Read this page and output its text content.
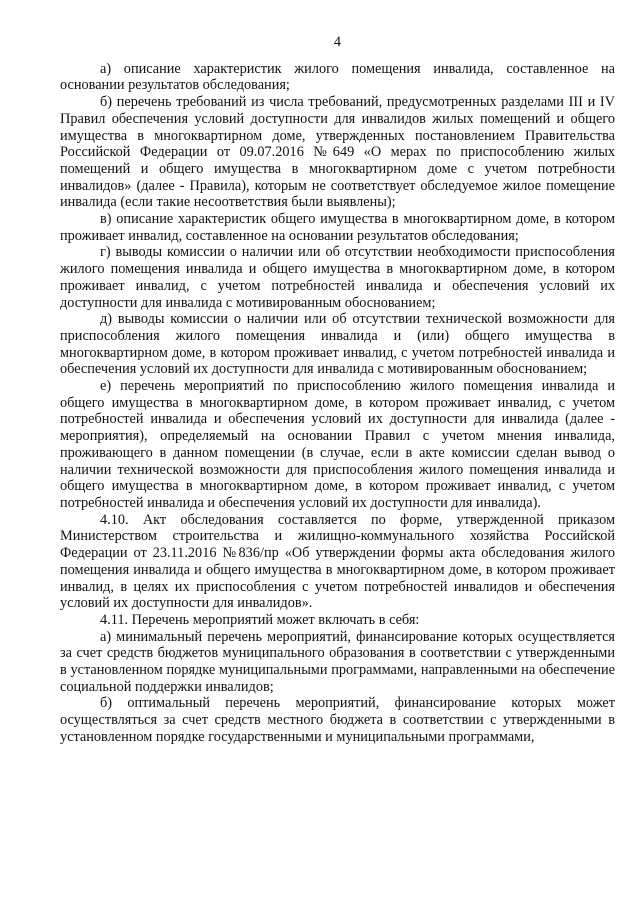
4

а) описание характеристик жилого помещения инвалида, составленное на основании результатов обследования;

б) перечень требований из числа требований, предусмотренных разделами III и IV Правил обеспечения условий доступности для инвалидов жилых помещений и общего имущества в многоквартирном доме, утвержденных постановлением Правительства Российской Федерации от 09.07.2016 №649 «О мерах по приспособлению жилых помещений и общего имущества в многоквартирном доме с учетом потребности инвалидов» (далее - Правила), которым не соответствует обследуемое жилое помещение инвалида (если такие несоответствия были выявлены);

в) описание характеристик общего имущества в многоквартирном доме, в котором проживает инвалид, составленное на основании результатов обследования;

г) выводы комиссии о наличии или об отсутствии необходимости приспособления жилого помещения инвалида и общего имущества в многоквартирном доме, в котором проживает инвалид, с учетом потребностей инвалида и обеспечения условий их доступности для инвалида с мотивированным обоснованием;

д) выводы комиссии о наличии или об отсутствии технической возможности для приспособления жилого помещения инвалида и (или) общего имущества в многоквартирном доме, в котором проживает инвалид, с учетом потребностей инвалида и обеспечения условий их доступности для инвалида с мотивированным обоснованием;

е) перечень мероприятий по приспособлению жилого помещения инвалида и общего имущества в многоквартирном доме, в котором проживает инвалид, с учетом потребностей инвалида и обеспечения условий их доступности для инвалида (далее - мероприятия), определяемый на основании Правил с учетом мнения инвалида, проживающего в данном помещении (в случае, если в акте комиссии сделан вывод о наличии технической возможности для приспособления жилого помещения инвалида и общего имущества в многоквартирном доме, в котором проживает инвалид, с учетом потребностей инвалида и обеспечения условий их доступности для инвалида).

4.10. Акт обследования составляется по форме, утвержденной приказом Министерством строительства и жилищно-коммунального хозяйства Российской Федерации от 23.11.2016 №836/пр «Об утверждении формы акта обследования жилого помещения инвалида и общего имущества в многоквартирном доме, в котором проживает инвалид, в целях их приспособления с учетом потребностей инвалидов и обеспечения условий их доступности для инвалидов».

4.11. Перечень мероприятий может включать в себя:

а) минимальный перечень мероприятий, финансирование которых осуществляется за счет средств бюджетов муниципального образования в соответствии с утвержденными в установленном порядке муниципальными программами, направленными на обеспечение социальной поддержки инвалидов;

б) оптимальный перечень мероприятий, финансирование которых может осуществляться за счет средств местного бюджета в соответствии с утвержденными в установленном порядке государственными и муниципальными программами,
